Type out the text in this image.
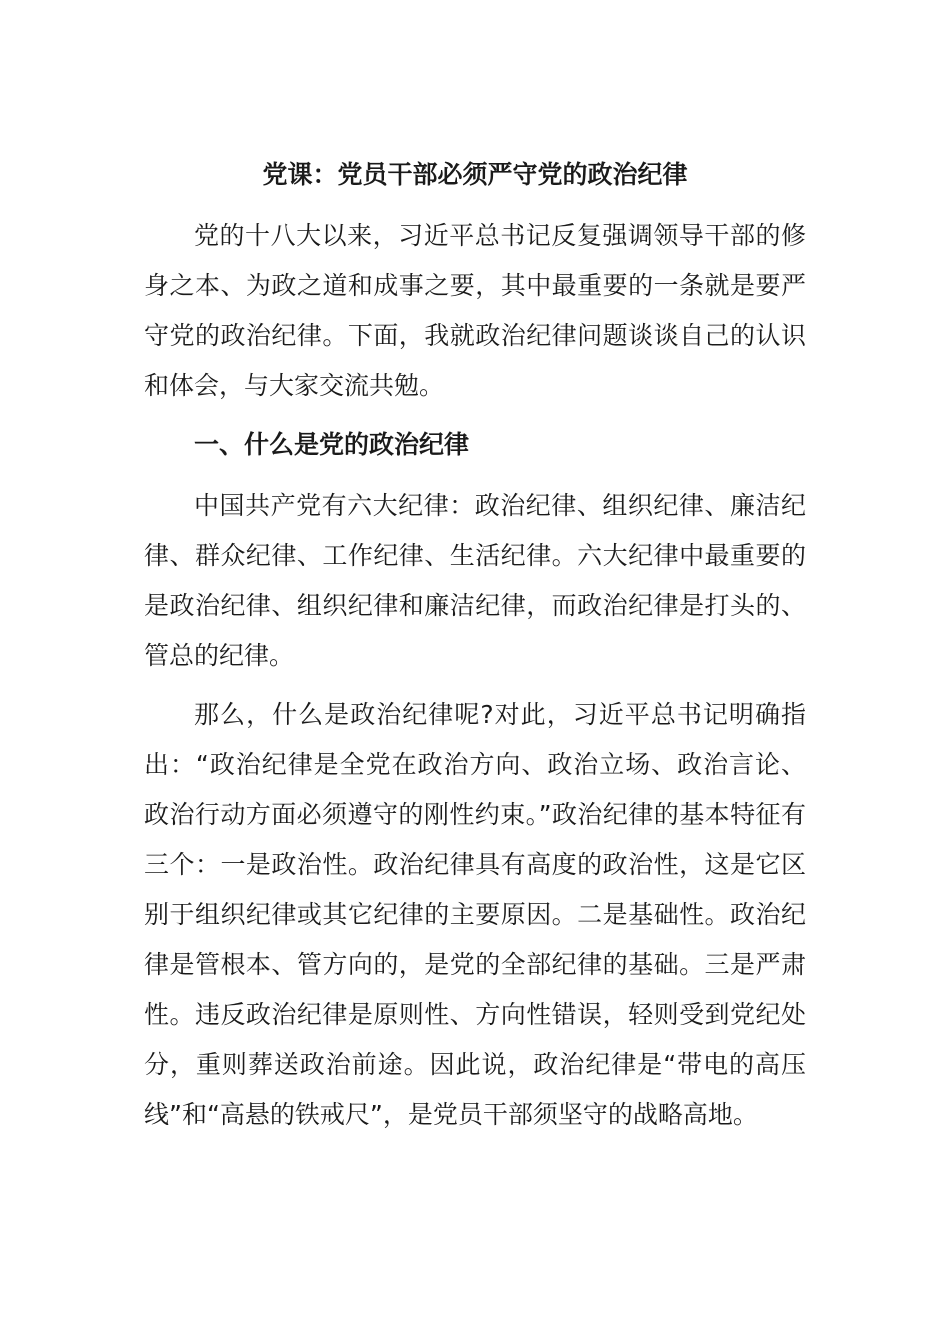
党课：党员干部必须严守党的政治纪律

党的十八大以来，习近平总书记反复强调领导干部的修身之本、为政之道和成事之要，其中最重要的一条就是要严守党的政治纪律。下面，我就政治纪律问题谈谈自己的认识和体会，与大家交流共勉。

一、什么是党的政治纪律

中国共产党有六大纪律：政治纪律、组织纪律、廉洁纪律、群众纪律、工作纪律、生活纪律。六大纪律中最重要的是政治纪律、组织纪律和廉洁纪律，而政治纪律是打头的、管总的纪律。

那么，什么是政治纪律呢?对此，习近平总书记明确指出：“政治纪律是全党在政治方向、政治立场、政治言论、政治行动方面必须遵守的刚性约束。”政治纪律的基本特征有三个：一是政治性。政治纪律具有高度的政治性，这是它区别于组织纪律或其它纪律的主要原因。二是基础性。政治纪律是管根本、管方向的，是党的全部纪律的基础。三是严肃性。违反政治纪律是原则性、方向性错误，轻则受到党纪处分，重则葬送政治前途。因此说，政治纪律是“带电的高压线”和“高悬的铁戒尺”，是党员干部须坚守的战略高地。
